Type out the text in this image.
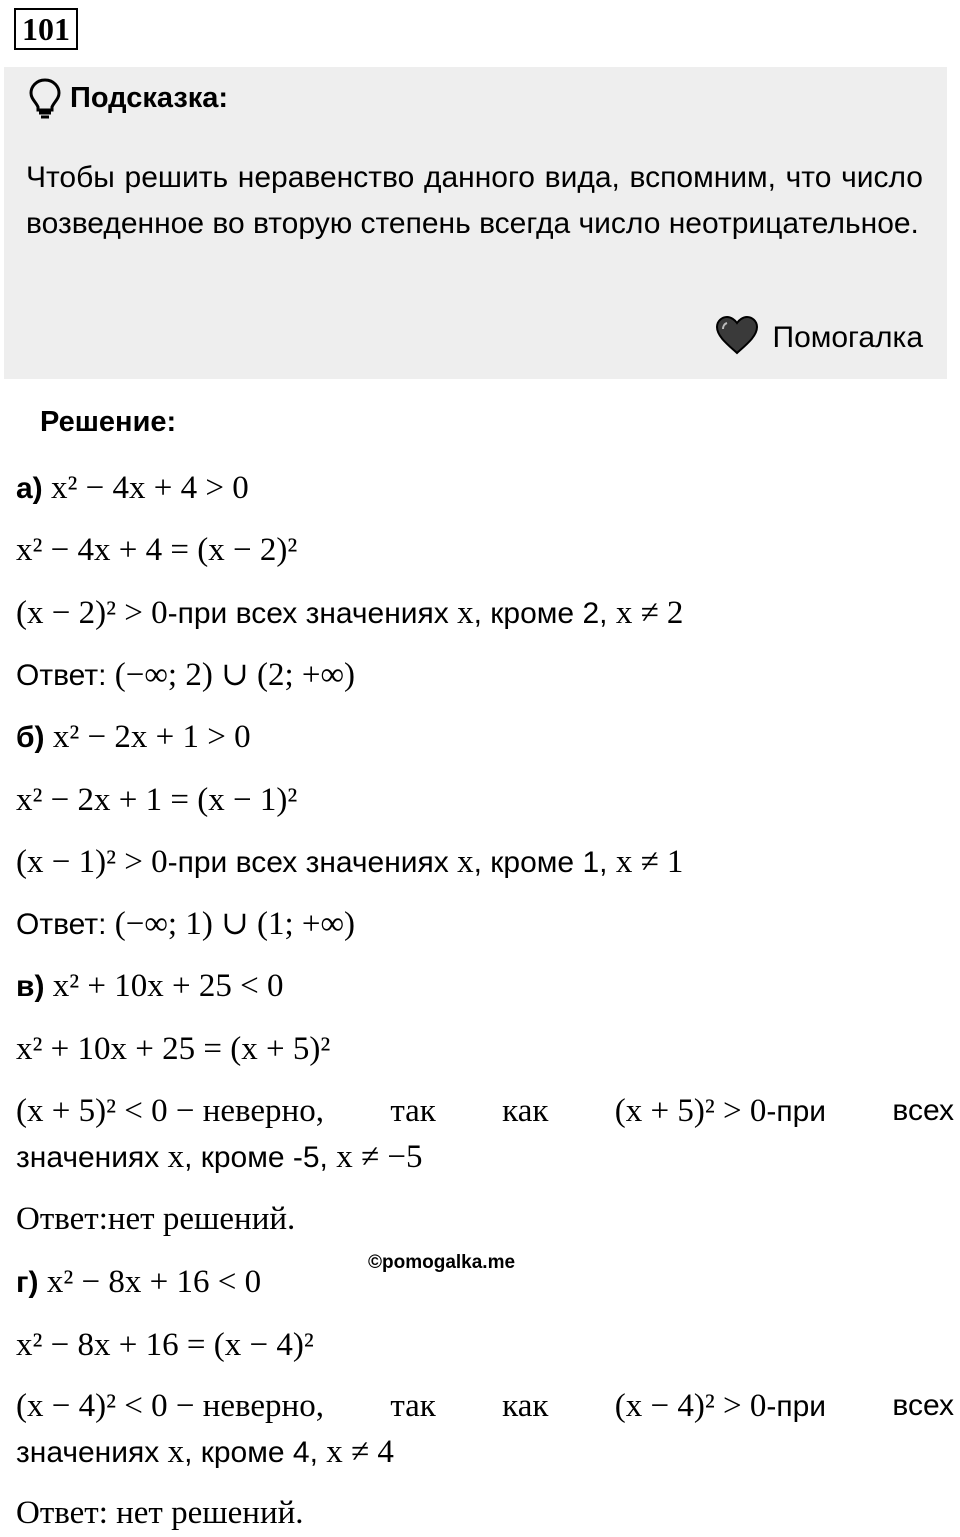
101
Подсказка:
Чтобы решить неравенство данного вида, вспомним, что число возведенное во вторую степень всегда число неотрицательное.
Помогалка
Решение:
а) x² − 4x + 4 > 0
x² − 4x + 4 = (x − 2)²
(x − 2)² > 0-при всех значениях x, кроме 2, x ≠ 2
Ответ: (−∞; 2) ∪ (2; +∞)
б) x² − 2x + 1 > 0
x² − 2x + 1 = (x − 1)²
(x − 1)² > 0-при всех значениях x, кроме 1, x ≠ 1
Ответ: (−∞; 1) ∪ (1; +∞)
в) x² + 10x + 25 < 0
x² + 10x + 25 = (x + 5)²
(x + 5)² < 0 − неверно, так как (x + 5)² > 0-при всех
значениях x, кроме -5, x ≠ −5
Ответ:нет решений.
©pomogalka.me
г) x² − 8x + 16 < 0
x² − 8x + 16 = (x − 4)²
(x − 4)² < 0 − неверно, так как (x − 4)² > 0-при всех
значениях x, кроме 4, x ≠ 4
Ответ: нет решений.
